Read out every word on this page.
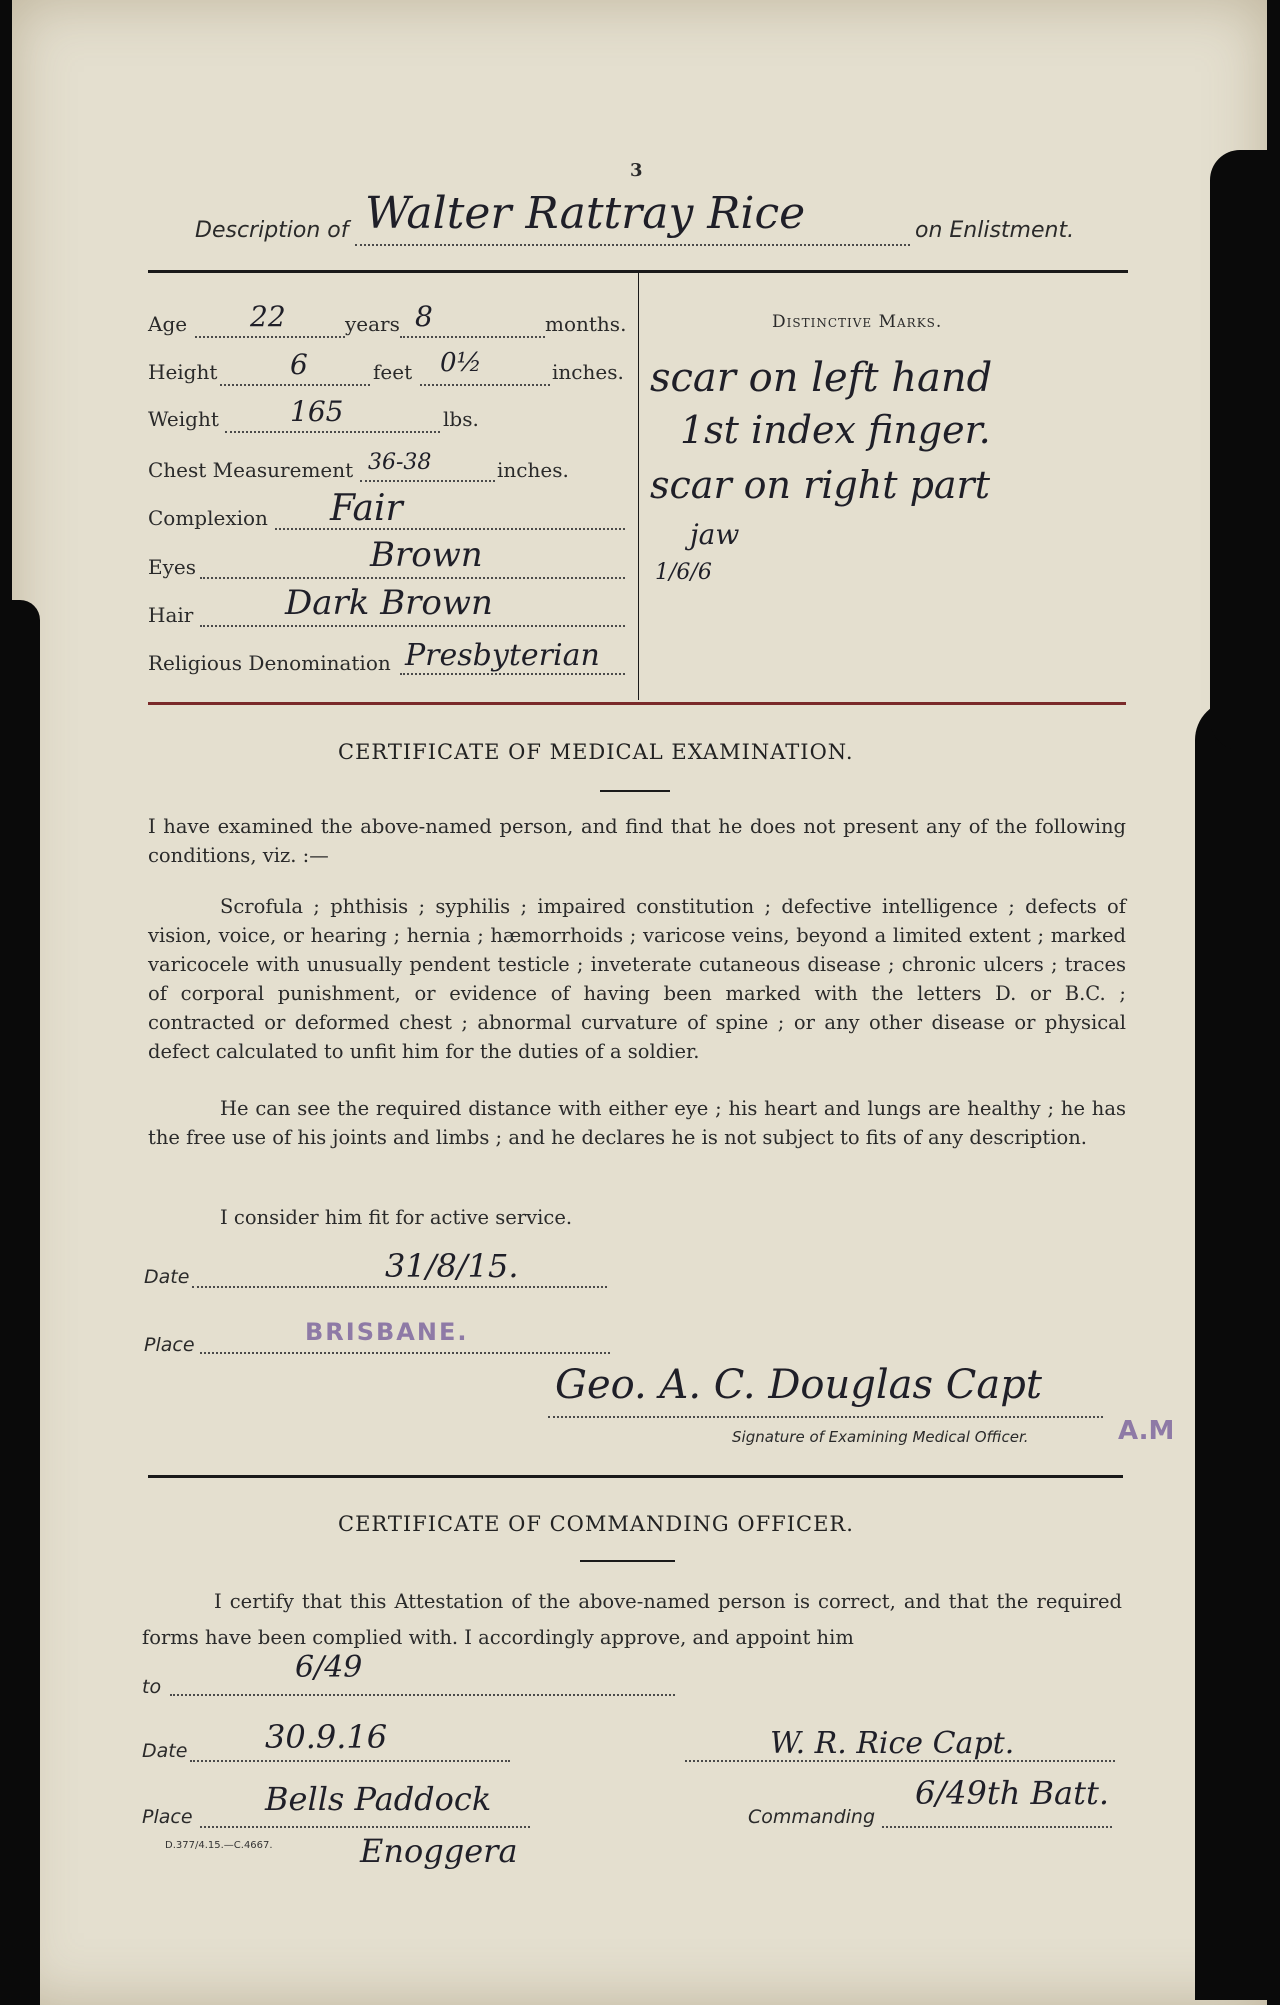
3
Description of Walter Rattray Rice	on Enlistment.
Age 22	years 8	months.
Height	6	feet 0½	inches.
Weight	165	lbs.
Chest Measurement 36-38	inches.
Complexion Fair
Eyes	Brown
Hair	Dark Brown
Religious Denomination Presbyterian
Distinctive Marks.
scar on left hand
1st index finger.
scar on right part
jaw
1/6/6
CERTIFICATE OF MEDICAL EXAMINATION.
I have examined the above-named person, and find that he does not present any of the following conditions, viz. :—
Scrofula ; phthisis ; syphilis ; impaired constitution ; defective intelligence ; defects of vision, voice, or hearing ; hernia ; hæmorrhoids ; varicose veins, beyond a limited extent ; marked varicocele with unusually pendent testicle ; inveterate cutaneous disease ; chronic ulcers ; traces of corporal punishment, or evidence of having been marked with the letters D. or B.C. ; contracted or deformed chest ; abnormal curvature of spine ; or any other disease or physical defect calculated to unfit him for the duties of a soldier.
He can see the required distance with either eye ; his heart and lungs are healthy ; he has the free use of his joints and limbs ; and he declares he is not subject to fits of any description.
I consider him fit for active service.
Date	31/8/15.
Place	BRISBANE.
Geo. A. C. Douglas Capt
Signature of Examining Medical Officer.	A.M
CERTIFICATE OF COMMANDING OFFICER.
I certify that this Attestation of the above-named person is correct, and that the required forms have been complied with. I accordingly approve, and appoint him
to
6/49
Date 30.9.16	W. R. Rice Capt.
Place Bells Paddock
Enoggera
Commanding
6/49th Batt.
D.377/4.15.—C.4667.
